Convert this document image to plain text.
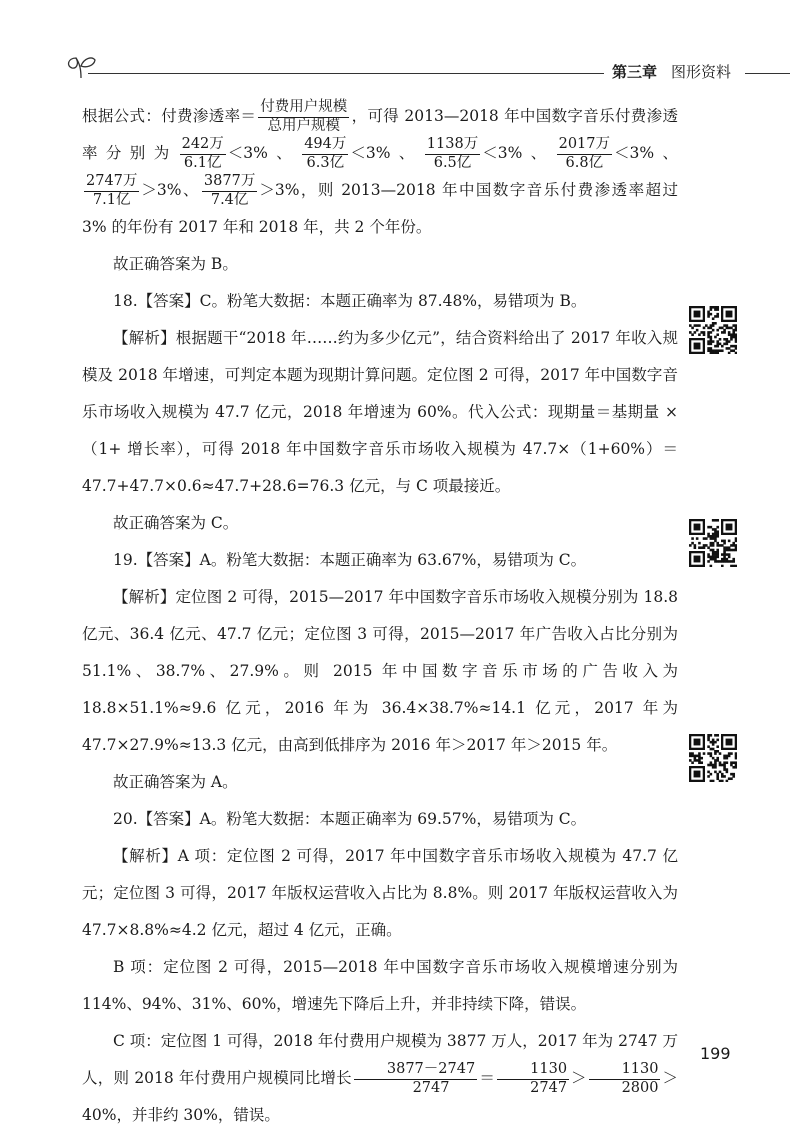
第三章 图形资料

根据公式：付费渗透率＝ $\frac{\text{付费用户规模}}{\text{总用户规模}}$ ，可得 2013—2018 年中国数字音乐付费渗透率分别为 $\frac{\text{242万}}{\text{6.1亿}} <3\%$、 $\frac{\text{494万}}{\text{6.3亿}} <3\%$、 $\frac{\text{1138万}}{\text{6.5亿}} <3\%$、 $\frac{\text{2017万}}{\text{6.8亿}} <3\%$、
$\frac{\text{2747万}}{\text{7.1亿}} >3\%$、 $\frac{\text{3877万}}{\text{7.4亿}} >3\%$，则 2013—2018 年中国数字音乐付费渗透率超过 3% 的年份有 2017 年和 2018 年，共 2 个年份。

故正确答案为 B。

18.【答案】C。粉笔大数据：本题正确率为 87.48%，易错项为 B。

【解析】根据题干“2018 年……约为多少亿元”，结合资料给出了 2017 年收入规模及 2018 年增速，可判定本题为现期计算问题。定位图 2 可得，2017 年中国数字音乐市场收入规模为 47.7 亿元，2018 年增速为 60%。代入公式：现期量＝基期量 ×（1+ 增长率），可得 2018 年中国数字音乐市场收入规模为 47.7×（1+60%）＝47.7+47.7×0.6≈47.7+28.6=76.3 亿元，与 C 项最接近。

故正确答案为 C。

19.【答案】A。粉笔大数据：本题正确率为 63.67%，易错项为 C。

【解析】定位图 2 可得，2015—2017 年中国数字音乐市场收入规模分别为 18.8 亿元、36.4 亿元、47.7 亿元；定位图 3 可得，2015—2017 年广告收入占比分别为 51.1%、38.7%、27.9%。则 2015 年中国数字音乐市场的广告收入为 18.8×51.1%≈9.6 亿元，2016 年为 36.4×38.7%≈14.1 亿元，2017 年为 47.7×27.9%≈13.3 亿元，由高到低排序为 2016 年＞2017 年＞2015 年。

故正确答案为 A。

20.【答案】A。粉笔大数据：本题正确率为 69.57%，易错项为 C。

【解析】A 项：定位图 2 可得，2017 年中国数字音乐市场收入规模为 47.7 亿元；定位图 3 可得，2017 年版权运营收入占比为 8.8%。则 2017 年版权运营收入为 47.7×8.8%≈4.2 亿元，超过 4 亿元，正确。

B 项：定位图 2 可得，2015—2018 年中国数字音乐市场收入规模增速分别为 114%、94%、31%、60%，增速先下降后上升，并非持续下降，错误。

C 项：定位图 1 可得，2018 年付费用户规模为 3877 万人，2017 年为 2747 万人，则 2018 年付费用户规模同比增长 $\frac{3877-2747}{2747} = \frac{1130}{2747} > \frac{1130}{2800} >40\%$，并非约 30%，错误。

199
